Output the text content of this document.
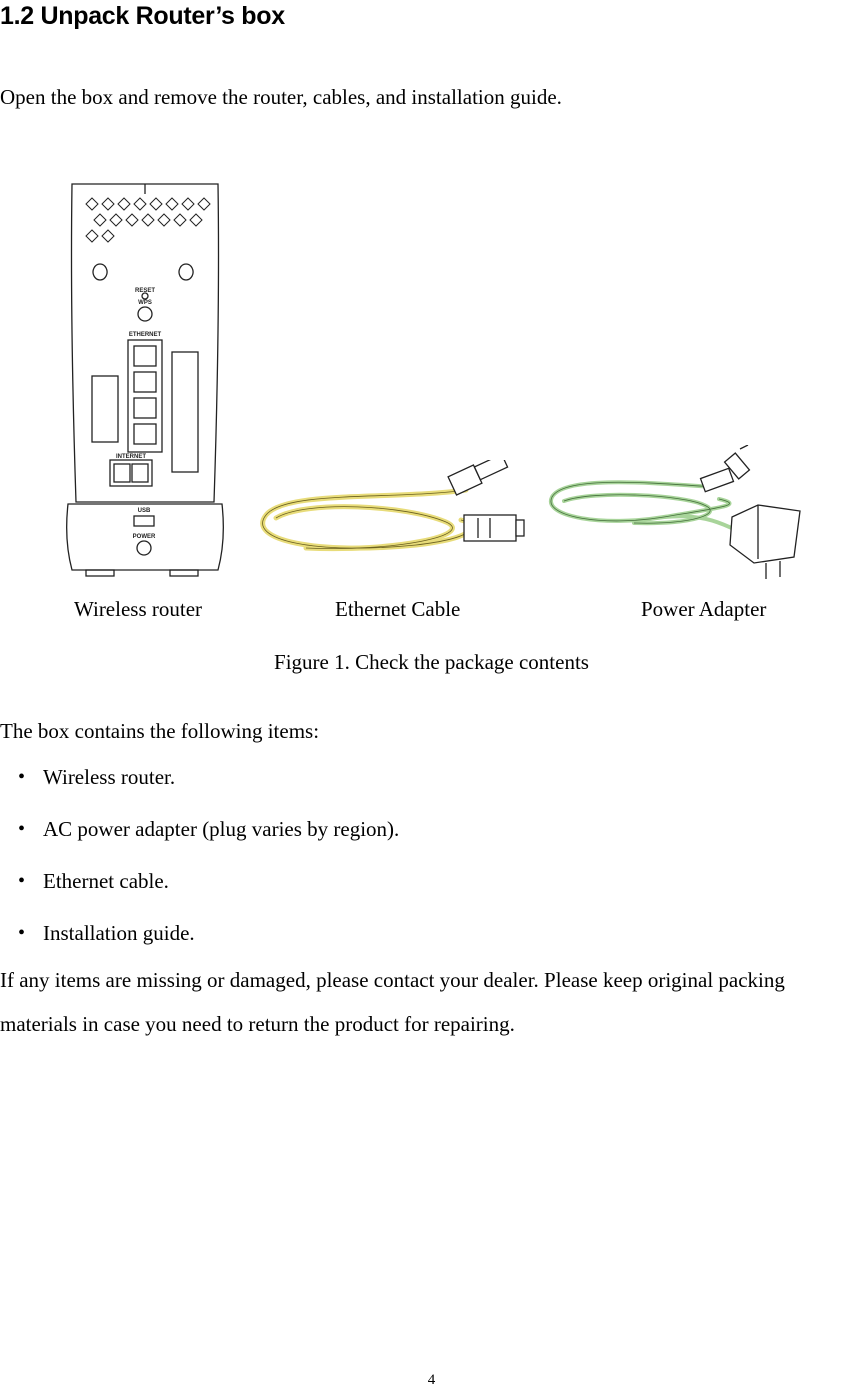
1.2 Unpack Router’s box

Open the box and remove the router, cables, and installation guide.

RESET
WPS
ETHERNET
INTERNET
USB
POWER
Wireless router	Ethernet Cable	Power Adapter

Figure 1. Check the package contents

The box contains the following items:

• Wireless router.
• AC power adapter (plug varies by region).
• Ethernet cable.
• Installation guide.

If any items are missing or damaged, please contact your dealer. Please keep original packing materials in case you need to return the product for repairing.

4
